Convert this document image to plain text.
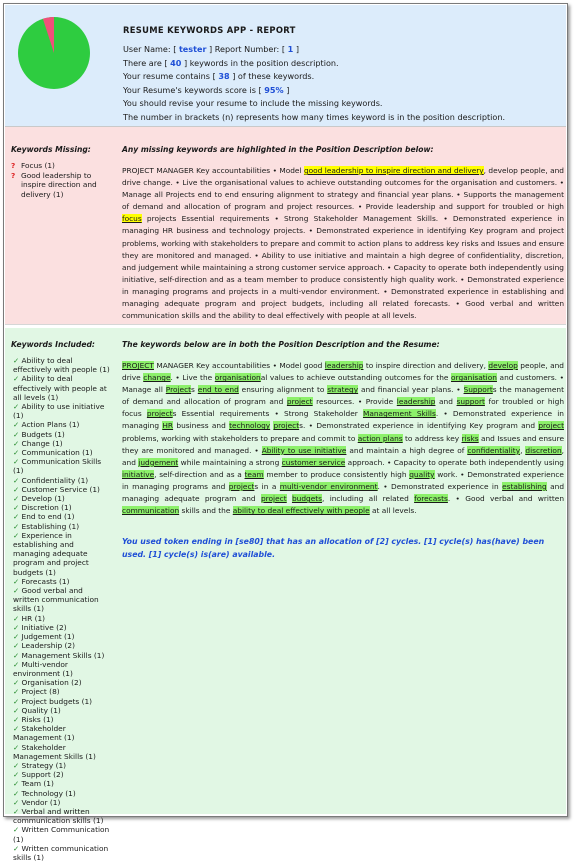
RESUME KEYWORDS APP - REPORT
User Name: [ tester ] Report Number: [ 1 ]
There are [ 40 ] keywords in the position description.
Your resume contains [ 38 ] of these keywords.
Your Resume's keywords score is [ 95% ]
You should revise your resume to include the missing keywords.
The number in brackets (n) represents how many times keyword is in the position description.
Keywords Missing:
? Focus (1)
? Good leadership to inspire direction and delivery (1)
Any missing keywords are highlighted in the Position Description below:
PROJECT MANAGER Key accountabilities • Model good leadership to inspire direction and delivery, develop people, and drive change. • Live the organisational values to achieve outstanding outcomes for the organisation and customers. • Manage all Projects end to end ensuring alignment to strategy and financial year plans. • Supports the management of demand and allocation of program and project resources. • Provide leadership and support for troubled or high focus projects Essential requirements • Strong Stakeholder Management Skills. • Demonstrated experience in managing HR business and technology projects. • Demonstrated experience in identifying Key program and project problems, working with stakeholders to prepare and commit to action plans to address key risks and Issues and ensure they are monitored and managed. • Ability to use initiative and maintain a high degree of confidentiality, discretion, and judgement while maintaining a strong customer service approach. • Capacity to operate both independently using initiative, self-direction and as a team member to produce consistently high quality work. • Demonstrated experience in managing programs and projects in a multi-vendor environment. • Demonstrated experience in establishing and managing adequate program and project budgets, including all related forecasts. • Good verbal and written communication skills and the ability to deal effectively with people at all levels.
Keywords Included:
✓ Ability to deal effectively with people (1)
✓ Ability to deal effectively with people at all levels (1)
✓ Ability to use initiative (1)
✓ Action Plans (1)
✓ Budgets (1)
✓ Change (1)
✓ Communication (1)
✓ Communication Skills (1)
✓ Confidentiality (1)
✓ Customer Service (1)
✓ Develop (1)
✓ Discretion (1)
✓ End to end (1)
✓ Establishing (1)
✓ Experience in establishing and managing adequate program and project budgets (1)
✓ Forecasts (1)
✓ Good verbal and written communication skills (1)
✓ HR (1)
✓ Initiative (2)
✓ Judgement (1)
✓ Leadership (2)
✓ Management Skills (1)
✓ Multi-vendor environment (1)
✓ Organisation (2)
✓ Project (8)
✓ Project budgets (1)
✓ Quality (1)
✓ Risks (1)
✓ Stakeholder Management (1)
✓ Stakeholder Management Skills (1)
✓ Strategy (1)
✓ Support (2)
✓ Team (1)
✓ Technology (1)
✓ Vendor (1)
✓ Verbal and written communication skills (1)
✓ Written Communication (1)
✓ Written communication skills (1)
The keywords below are in both the Position Description and the Resume:
PROJECT MANAGER Key accountabilities • Model good leadership to inspire direction and delivery, develop people, and drive change. • Live the organisational values to achieve outstanding outcomes for the organisation and customers. • Manage all Projects end to end ensuring alignment to strategy and financial year plans. • Supports the management of demand and allocation of program and project resources. • Provide leadership and support for troubled or high focus projects Essential requirements • Strong Stakeholder Management Skills. • Demonstrated experience in managing HR business and technology projects. • Demonstrated experience in identifying Key program and project problems, working with stakeholders to prepare and commit to action plans to address key risks and Issues and ensure they are monitored and managed. • Ability to use initiative and maintain a high degree of confidentiality, discretion, and judgement while maintaining a strong customer service approach. • Capacity to operate both independently using initiative, self-direction and as a team member to produce consistently high quality work. • Demonstrated experience in managing programs and projects in a multi-vendor environment. • Demonstrated experience in establishing and managing adequate program and project budgets, including all related forecasts. • Good verbal and written communication skills and the ability to deal effectively with people at all levels.
You used token ending in [se80] that has an allocation of [2] cycles. [1] cycle(s) has(have) been used. [1] cycle(s) is(are) available.
